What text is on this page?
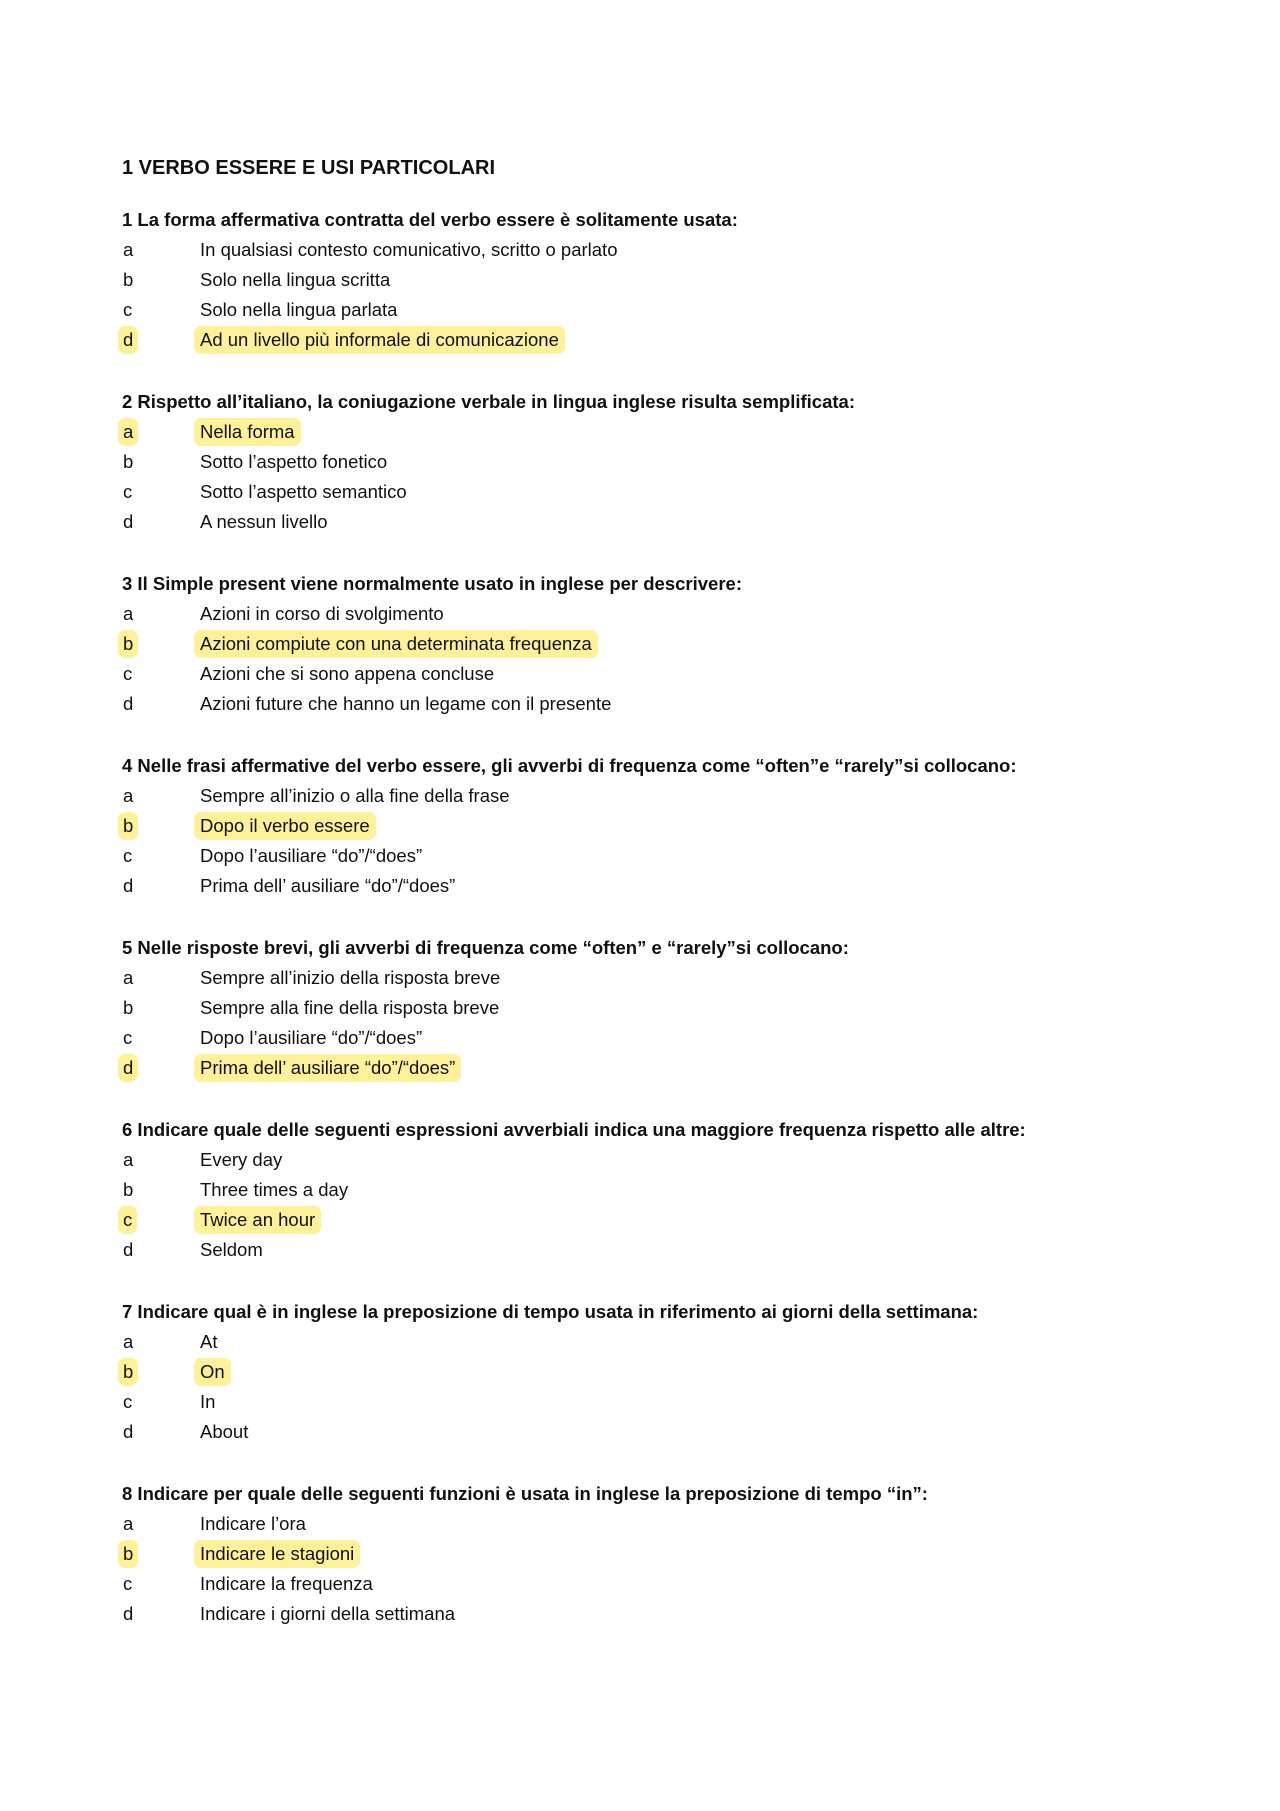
1 VERBO ESSERE E USI PARTICOLARI
1 La forma affermativa contratta del verbo essere è solitamente usata:
a	In qualsiasi contesto comunicativo, scritto o parlato
b	Solo nella lingua scritta
c	Solo nella lingua parlata
d	Ad un livello più informale di comunicazione
2 Rispetto all’italiano, la coniugazione verbale in lingua inglese risulta semplificata:
a	Nella forma
b	Sotto l’aspetto fonetico
c	Sotto l’aspetto semantico
d	A nessun livello
3 Il Simple present viene normalmente usato in inglese per descrivere:
a	Azioni in corso di svolgimento
b	Azioni compiute con una determinata frequenza
c	Azioni che si sono appena concluse
d	Azioni future che hanno un legame con il presente
4 Nelle frasi affermative del verbo essere, gli avverbi di frequenza come “often”e “rarely”si collocano:
a	Sempre all’inizio o alla fine della frase
b	Dopo il verbo essere
c	Dopo l’ausiliare “do”/“does”
d	Prima dell’ ausiliare “do”/“does”
5 Nelle risposte brevi, gli avverbi di frequenza come “often” e “rarely”si collocano:
a	Sempre all’inizio della risposta breve
b	Sempre alla fine della risposta breve
c	Dopo l’ausiliare “do”/“does”
d	Prima dell’ ausiliare “do”/“does”
6 Indicare quale delle seguenti espressioni avverbiali indica una maggiore frequenza rispetto alle altre:
a	Every day
b	Three times a day
c	Twice an hour
d	Seldom
7 Indicare qual è in inglese la preposizione di tempo usata in riferimento ai giorni della settimana:
a	At
b	On
c	In
d	About
8 Indicare per quale delle seguenti funzioni è usata in inglese la preposizione di tempo “in”:
a	Indicare l’ora
b	Indicare le stagioni
c	Indicare la frequenza
d	Indicare i giorni della settimana
